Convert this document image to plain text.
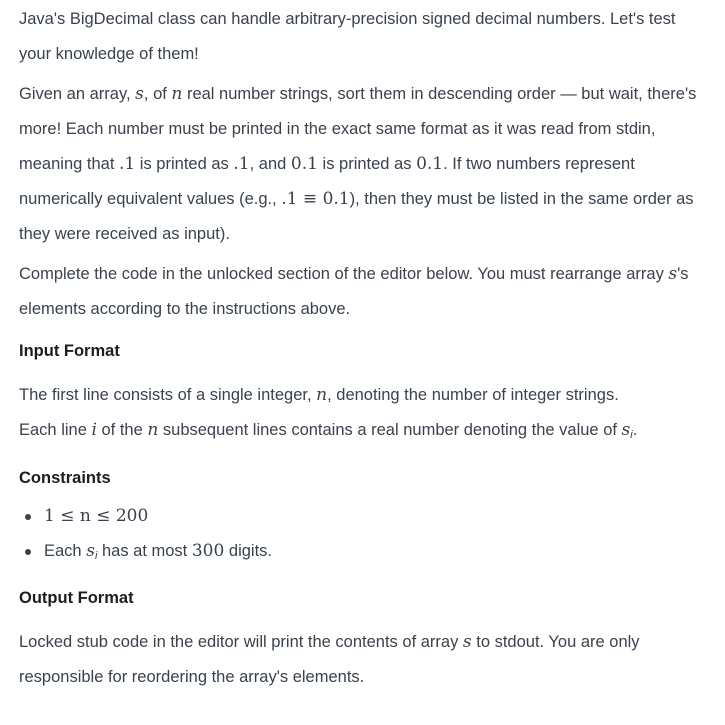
Java's BigDecimal class can handle arbitrary-precision signed decimal numbers. Let's test your knowledge of them!

Given an array, s, of n real number strings, sort them in descending order — but wait, there's more! Each number must be printed in the exact same format as it was read from stdin, meaning that .1 is printed as .1, and 0.1 is printed as 0.1. If two numbers represent numerically equivalent values (e.g., .1 ≡ 0.1), then they must be listed in the same order as they were received as input).

Complete the code in the unlocked section of the editor below. You must rearrange array s's elements according to the instructions above.

Input Format

The first line consists of a single integer, n, denoting the number of integer strings.

Each line i of the n subsequent lines contains a real number denoting the value of $s_i$.

Constraints
1 ≤ n ≤ 200
Each $s_i$ has at most 300 digits.
Output Format

Locked stub code in the editor will print the contents of array s to stdout. You are only responsible for reordering the array's elements.
